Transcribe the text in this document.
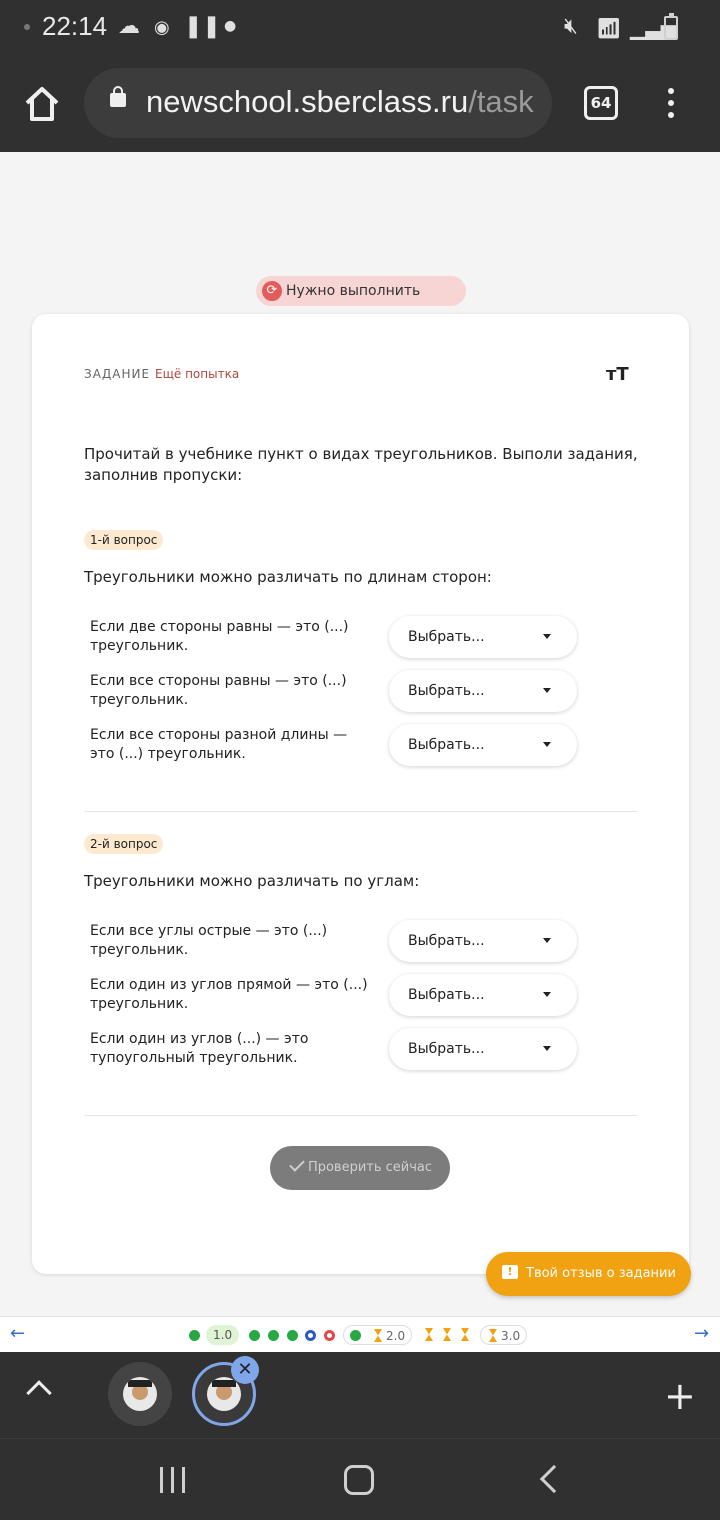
22:14 ☁ ◉ ❚❚ ●	🔇︎ 📶︎ ▁▃▅
newschool.sberclass.ru/task	64
⟳ Нужно выполнить
ЗАДАНИЕ Ещё попытка	тТ

Прочитай в учебнике пункт о видах треугольников. Выполи задания, заполнив пропуски:

1-й вопрос
Треугольники можно различать по длинам сторон:
Если две стороны равны — это (...) треугольник.
Выбрать...
Если все стороны равны — это (...) треугольник.
Выбрать...
Если все стороны разной длины — это (...) треугольник.
Выбрать...
2-й вопрос
Треугольники можно различать по углам:
Если все углы острые — это (...) треугольник.
Выбрать...
Если один из углов прямой — это (...) треугольник.
Выбрать...
Если один из углов (...) — это тупоугольный треугольник.
Выбрать...
Проверить сейчас
!	Твой отзыв о задании
←	1.0	2.0	3.0	→
✕
+
